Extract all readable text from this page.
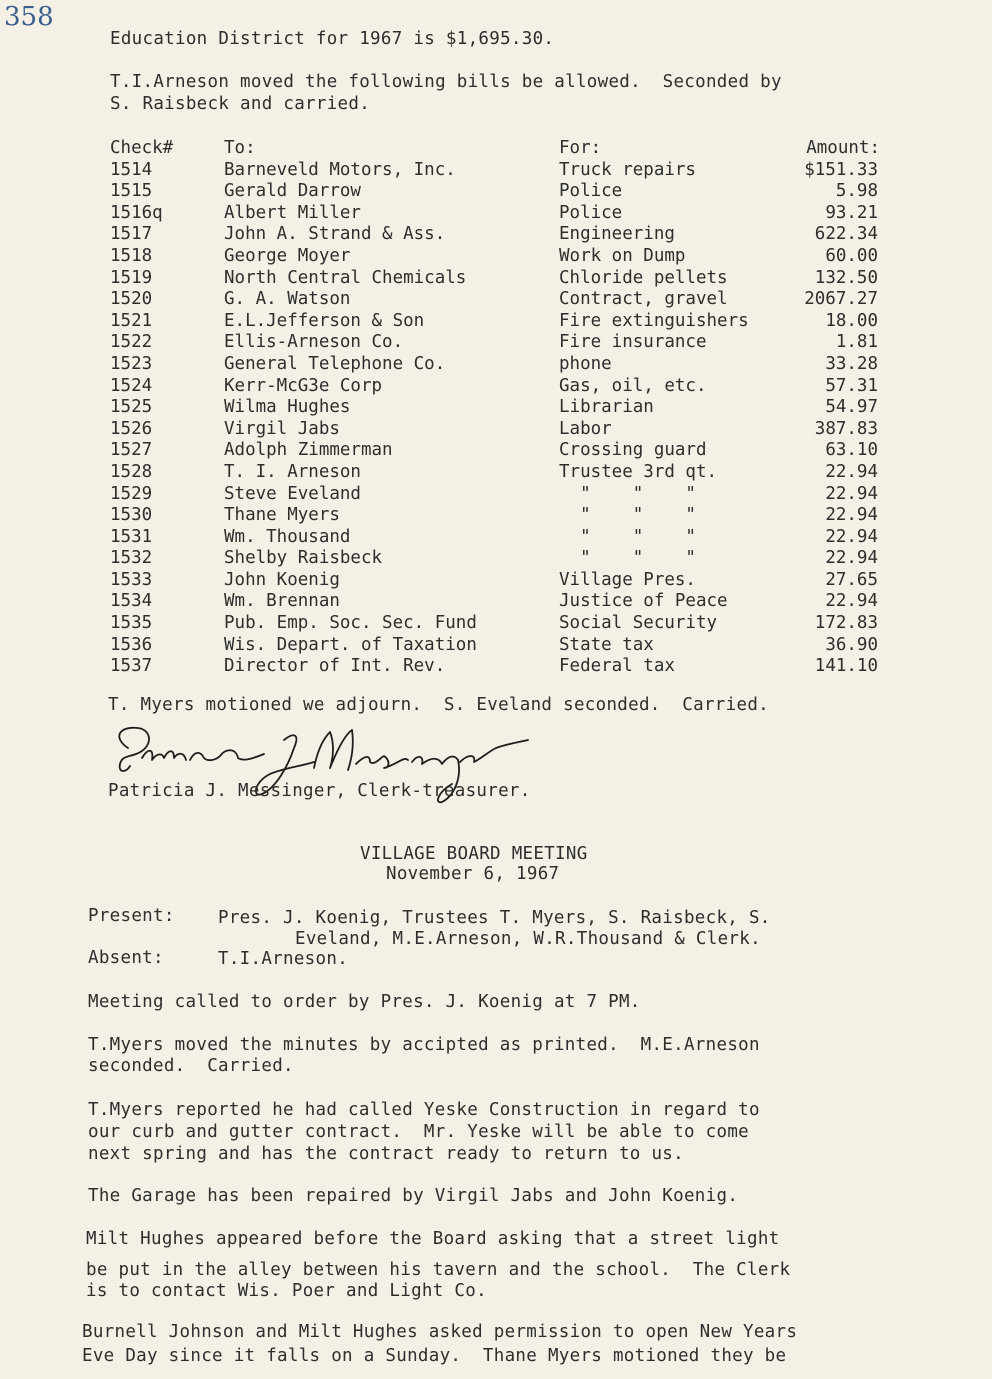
358
Education District for 1967 is $1,695.30.
T.I.Arneson moved the following bills be allowed.  Seconded by
S. Raisbeck and carried.
Check#	To:	For:	Amount:
1514	Barneveld Motors, Inc.	Truck repairs	$151.33
1515	Gerald Darrow	Police	5.98
1516q	Albert Miller	Police	93.21
1517	John A. Strand & Ass.	Engineering	622.34
1518	George Moyer	Work on Dump	60.00
1519	North Central Chemicals	Chloride pellets	132.50
1520	G. A. Watson	Contract, gravel	2067.27
1521	E.L.Jefferson & Son	Fire extinguishers	18.00
1522	Ellis-Arneson Co.	Fire insurance	1.81
1523	General Telephone Co.	phone	33.28
1524	Kerr-McG3e Corp	Gas, oil, etc.	57.31
1525	Wilma Hughes	Librarian	54.97
1526	Virgil Jabs	Labor	387.83
1527	Adolph Zimmerman	Crossing guard	63.10
1528	T. I. Arneson	Trustee 3rd qt.	22.94
1529	Steve Eveland	"    "    "	22.94
1530	Thane Myers	"    "    "	22.94
1531	Wm. Thousand	"    "    "	22.94
1532	Shelby Raisbeck	"    "    "	22.94
1533	John Koenig	Village Pres.	27.65
1534	Wm. Brennan	Justice of Peace	22.94
1535	Pub. Emp. Soc. Sec. Fund	Social Security	172.83
1536	Wis. Depart. of Taxation	State tax	36.90
1537	Director of Int. Rev.	Federal tax	141.10
T. Myers motioned we adjourn.  S. Eveland seconded.  Carried.
Patricia J. Messinger, Clerk-treasurer.
VILLAGE BOARD MEETING
November 6, 1967
Present: Pres. J. Koenig, Trustees T. Myers, S. Raisbeck, S.
Eveland, M.E.Arneson, W.R.Thousand & Clerk.
Absent:	T.I.Arneson.
Meeting called to order by Pres. J. Koenig at 7 PM.
T.Myers moved the minutes by accipted as printed.  M.E.Arneson
seconded.  Carried.
T.Myers reported he had called Yeske Construction in regard to
our curb and gutter contract.  Mr. Yeske will be able to come
next spring and has the contract ready to return to us.
The Garage has been repaired by Virgil Jabs and John Koenig.
Milt Hughes appeared before the Board asking that a street light
be put in the alley between his tavern and the school.  The Clerk
is to contact Wis. Poer and Light Co.
Burnell Johnson and Milt Hughes asked permission to open New Years
Eve Day since it falls on a Sunday.  Thane Myers motioned they be
